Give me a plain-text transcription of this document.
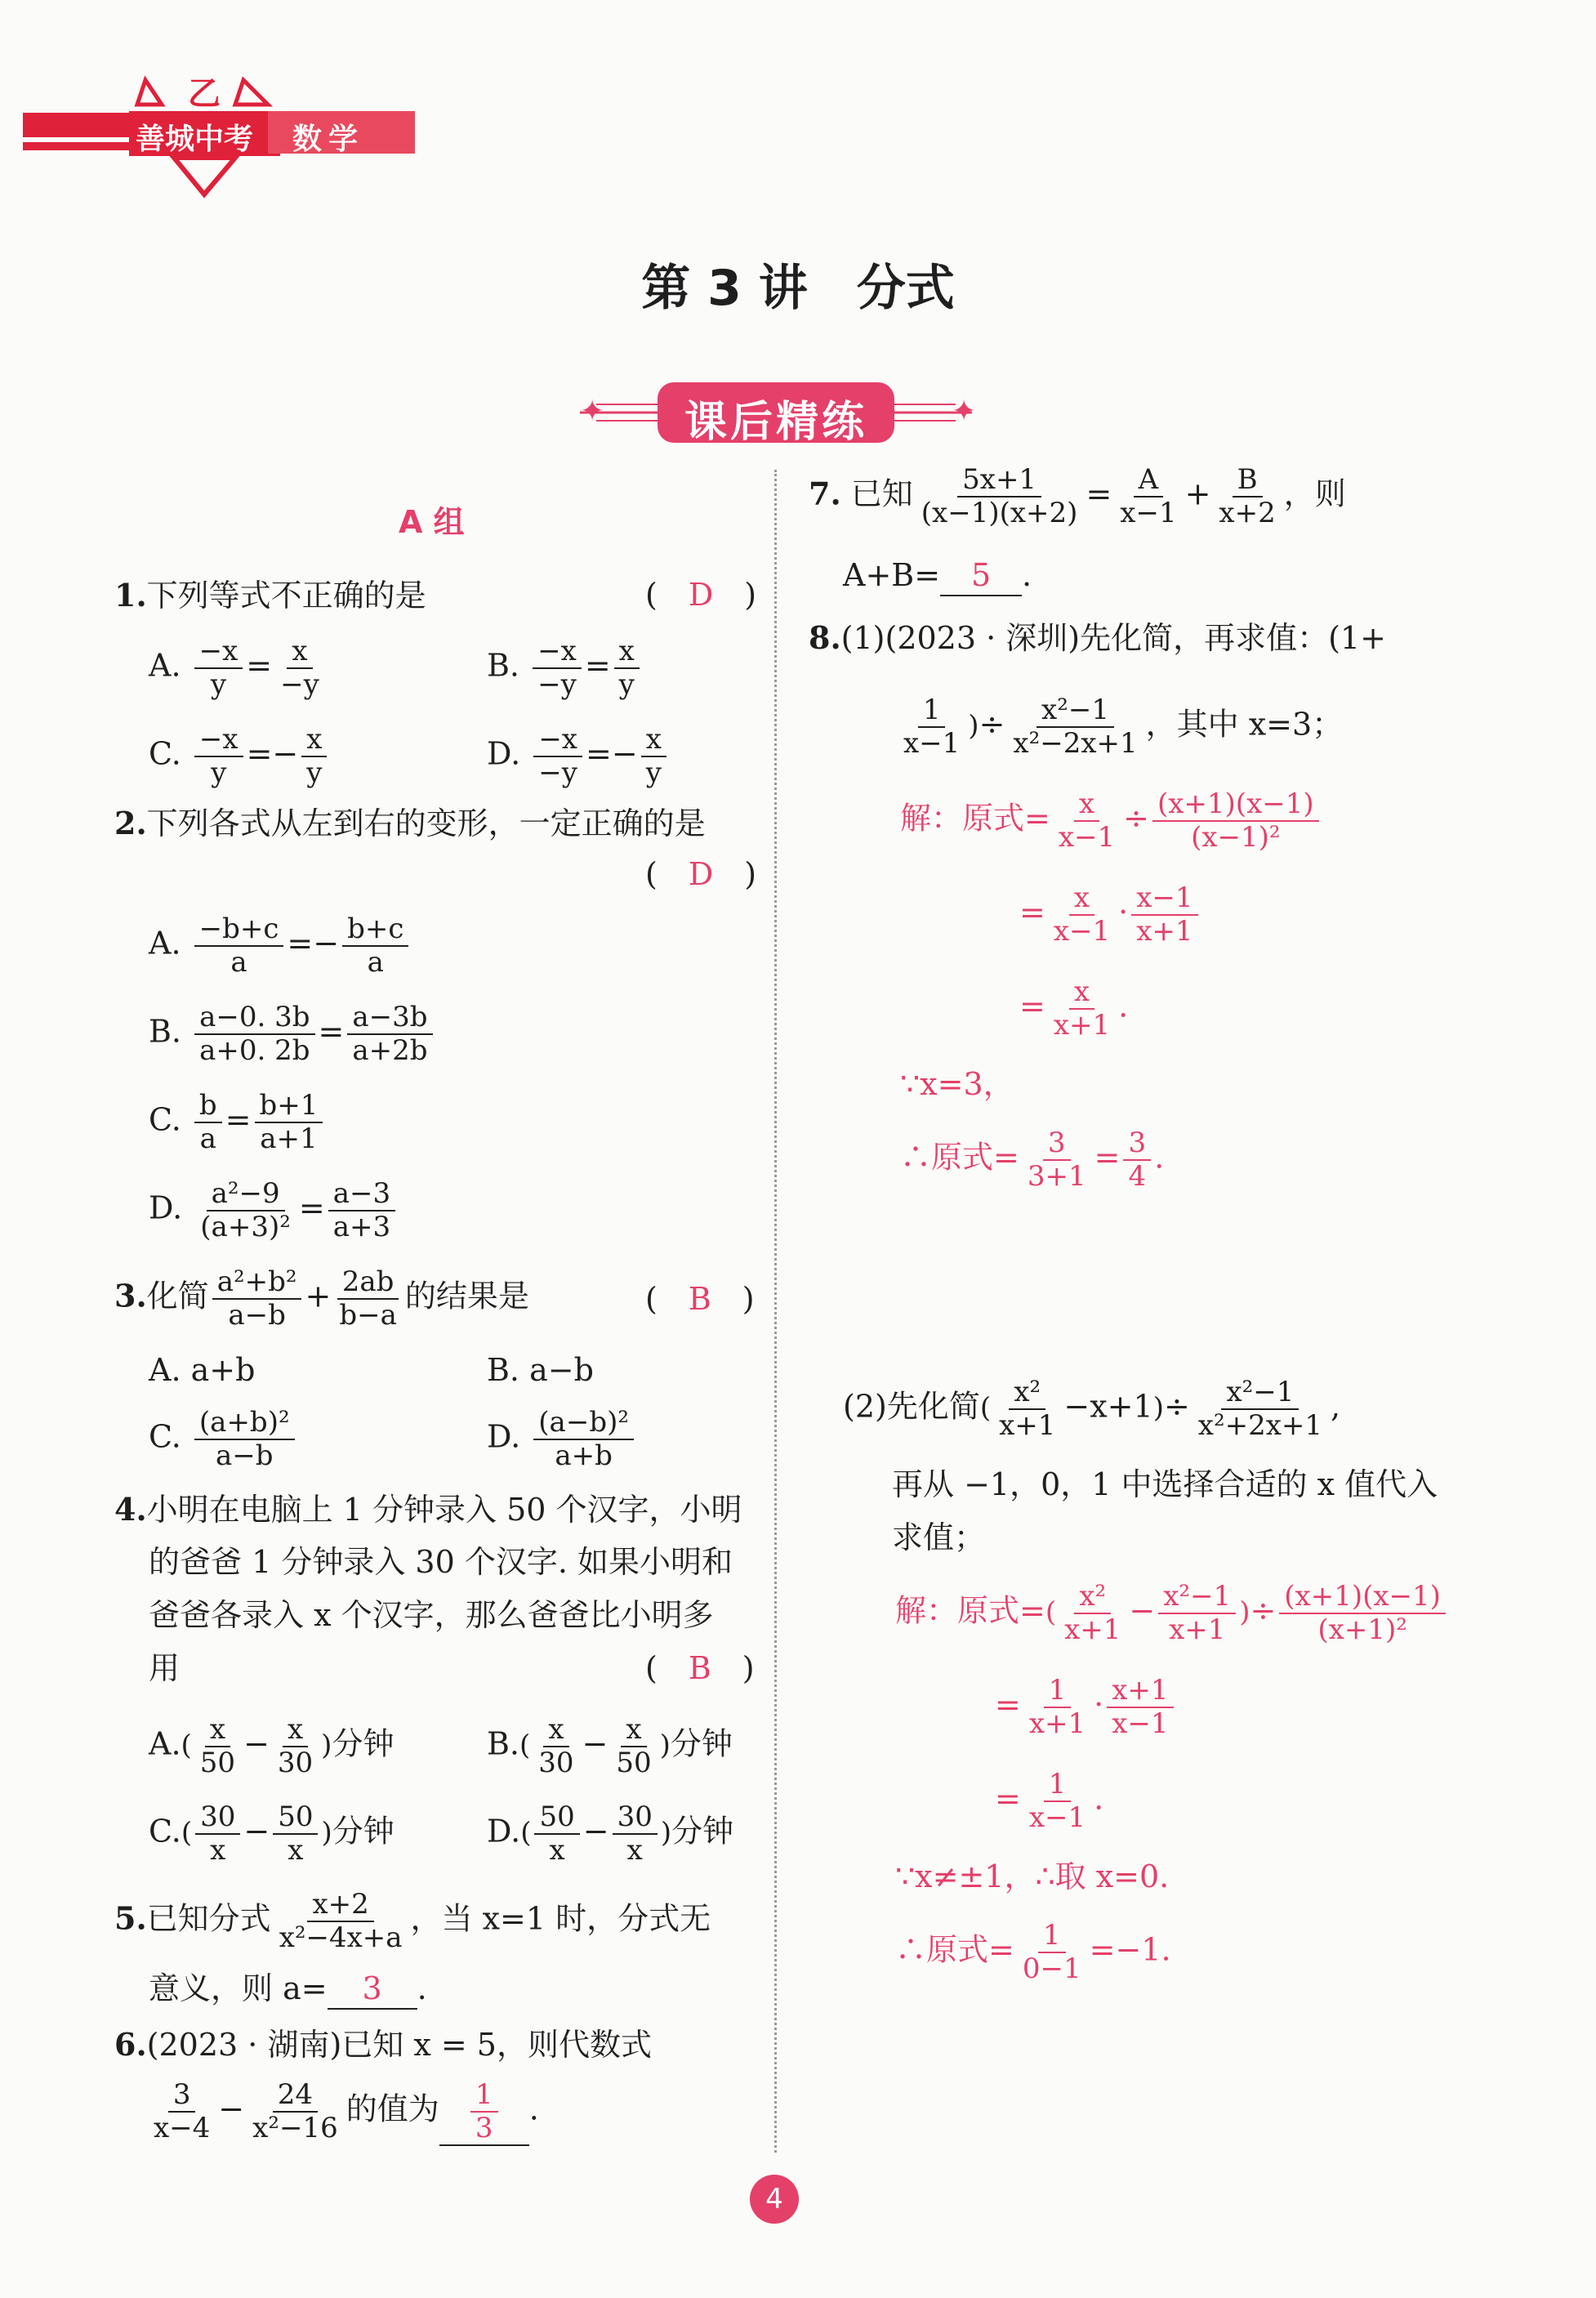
乙
善城中考 数学
第 3 讲　分式
✦	✦
课后精练
A 组
1.下列等式不正确的是	(　D　)
A. $\frac{-x}{y} = \frac{x}{-y}$	B. $\frac{-x}{-y} = \frac{x}{y}$
C. $\frac{-x}{y} =- \frac{x}{y}$	D. $\frac{-x}{-y} =- \frac{x}{y}$
2.下列各式从左到右的变形，一定正确的是
(　D　)
A. $\frac{-b+c}{a} =- \frac{b+c}{a}$
B. $\frac{a-0. 3b}{a+0. 2b} = \frac{a-3b}{a+2b}$
C. $\frac{b}{a} = \frac{b+1}{a+1}$
D. $\frac{\text{a²−9}}{\text{(a+3)²}} = \frac{a-3}{a+3}$
3.化简 $\frac{\text{a²+b²}}{a-b} + \frac{2ab}{b-a}$ 的结果是	(　B　)
A. a+b	B. a−b
C. $\frac{\text{(a+b)²}}{a-b}$	D. $\frac{\text{(a−b)²}}{a+b}$
4.小明在电脑上 1 分钟录入 50 个汉字，小明
的爸爸 1 分钟录入 30 个汉字. 如果小明和
爸爸各录入 x 个汉字，那么爸爸比小明多
用	(　B　)
$A.( \frac{x}{50} - \frac{x}{30}$ )分钟	$B.( \frac{x}{30} - \frac{x}{50}$ )分钟
$C.( \frac{30}{x} - \frac{50}{x}$ )分钟	$D.( \frac{50}{x} - \frac{30}{x}$ )分钟
5.已知分式 $\frac{x+2}{\text{x²−4x+a}}$ ，当 x=1 时，分式无
意义，则 a= 3 .
6.(2023 · 湖南)已知 x = 5，则代数式
$\frac{3}{x-4} - \frac{24}{\text{x²−16}}$ 的值为 $\frac{1}{3}$ .
7. 已知 $\frac{5x+1}{(x-1)(x+2)} = \frac{A}{x-1} + \frac{B}{x+2}$ ，则
A+B= 5 .
8.(1)(2023 · 深圳)先化简，再求值：(1+
$\frac{1}{x-1}$ )÷ $\frac{\text{x²−1}}{\text{x²−2x+1}}$ ，其中 x=3；
解：原式= $\frac{x}{x-1} \div \frac{(x+1)(x-1)}{\text{(x−1)²}}$
= $\frac{x}{x-1} \cdot \frac{x-1}{x+1}$
= $\frac{x}{x+1}$ .
∵x=3，
∴原式= $\frac{3}{3+1} = \frac{3}{4}$ .
(2)先化简( $\frac{\text{x²}}{x+1} -x+1)\div \frac{\text{x²−1}}{\text{x²+2x+1}}$ ,
再从 −1，0，1 中选择合适的 x 值代入
求值；
解：原式=( $\frac{\text{x²}}{x+1} - \frac{\text{x²−1}}{x+1}$ )÷ $\frac{(x+1)(x-1)}{\text{(x+1)²}}$
= $\frac{1}{x+1} \cdot \frac{x+1}{x-1}$
= $\frac{1}{x-1}$ .
∵x≠±1，∴取 x=0.
∴原式= $\frac{1}{0-1} =-1$.
4
